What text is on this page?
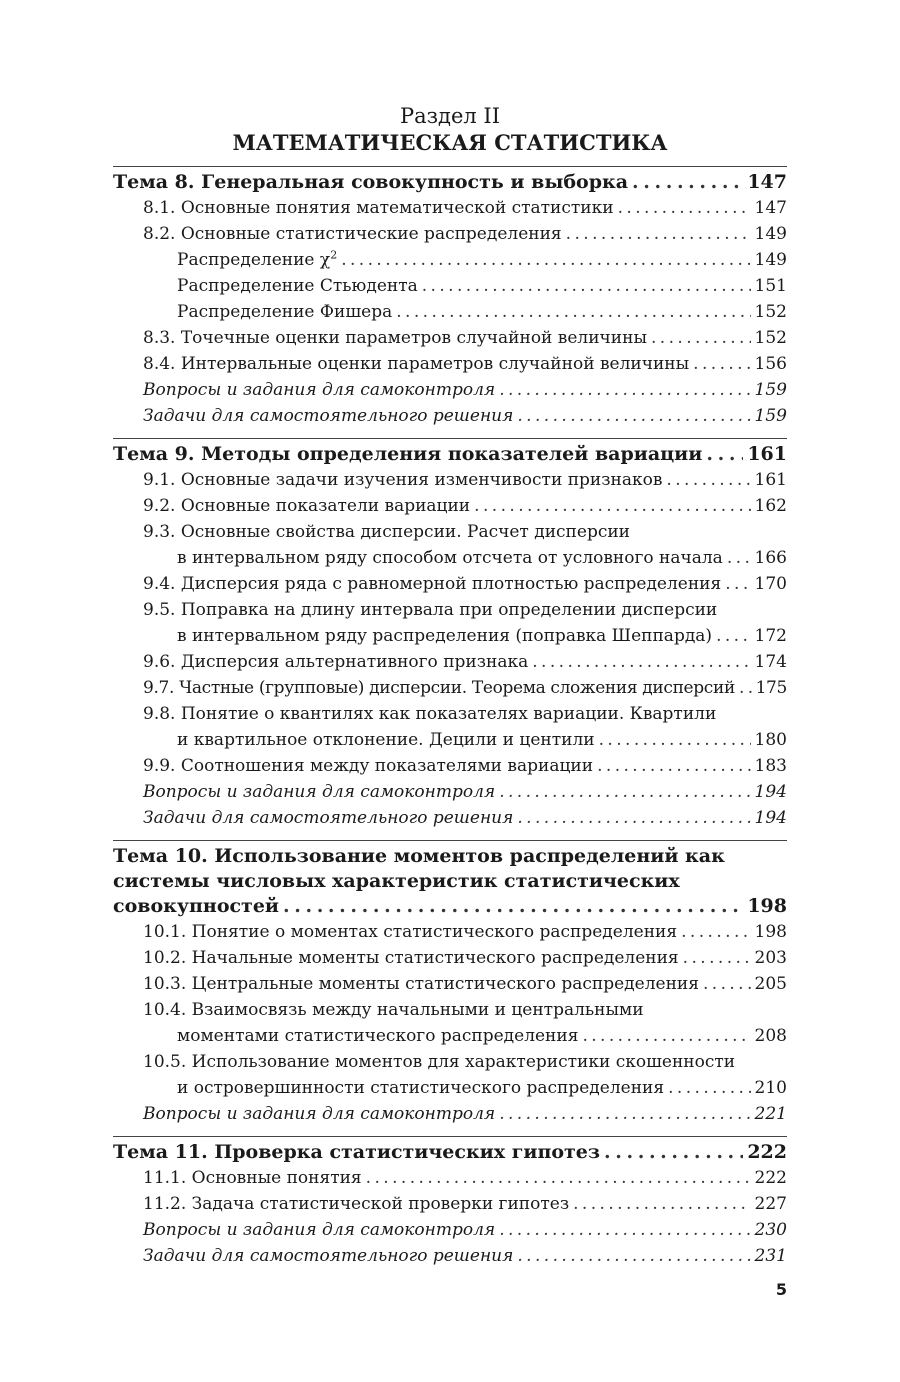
Раздел II
МАТЕМАТИЧЕСКАЯ СТАТИСТИКА
Тема 8. Генеральная совокупность и выборка . . .	147
8.1. Основные понятия математической статистики . . .	147
8.2. Основные статистические распределения . . .	149
Распределение $\chi^2$ . . .	149
Распределение Стьюдента . . .	151
Распределение Фишера . . .	152
8.3. Точечные оценки параметров случайной величины . . .	152
8.4. Интервальные оценки параметров случайной величины . . .	156
Вопросы и задания для самоконтроля . . .	159
Задачи для самостоятельного решения . . .	159
Тема 9. Методы определения показателей вариации . . . 161
9.1. Основные задачи изучения изменчивости признаков . . .	161
9.2. Основные показатели вариации . . .	162
9.3. Основные свойства дисперсии. Расчет дисперсии
в интервальном ряду способом отсчета от условного начала . . . 166
9.4. Дисперсия ряда с равномерной плотностью распределения . . . 170
9.5. Поправка на длину интервала при определении дисперсии
в интервальном ряду распределения (поправка Шеппарда) . . . 172
9.6. Дисперсия альтернативного признака . . .	174
9.7. Частные (групповые) дисперсии. Теорема сложения дисперсий . . . 175
9.8. Понятие о квантилях как показателях вариации. Квартили
и квартильное отклонение. Децили и центили . . .	180
9.9. Соотношения между показателями вариации . . .	183
Вопросы и задания для самоконтроля . . .	194
Задачи для самостоятельного решения . . .	194
Тема 10. Использование моментов распределений как
системы числовых характеристик статистических
совокупностей . . .	198
10.1. Понятие о моментах статистического распределения . . .	198
10.2. Начальные моменты статистического распределения . . .	203
10.3. Центральные моменты статистического распределения . . .	205
10.4. Взаимосвязь между начальными и центральными
моментами статистического распределения . . .	208
10.5. Использование моментов для характеристики скошенности
и островершинности статистического распределения . . .	210
Вопросы и задания для самоконтроля . . .	221
Тема 11. Проверка статистических гипотез . . .	222
11.1. Основные понятия . . .	222
11.2. Задача статистической проверки гипотез . . .	227
Вопросы и задания для самоконтроля . . .	230
Задачи для самостоятельного решения . . .	231
5
